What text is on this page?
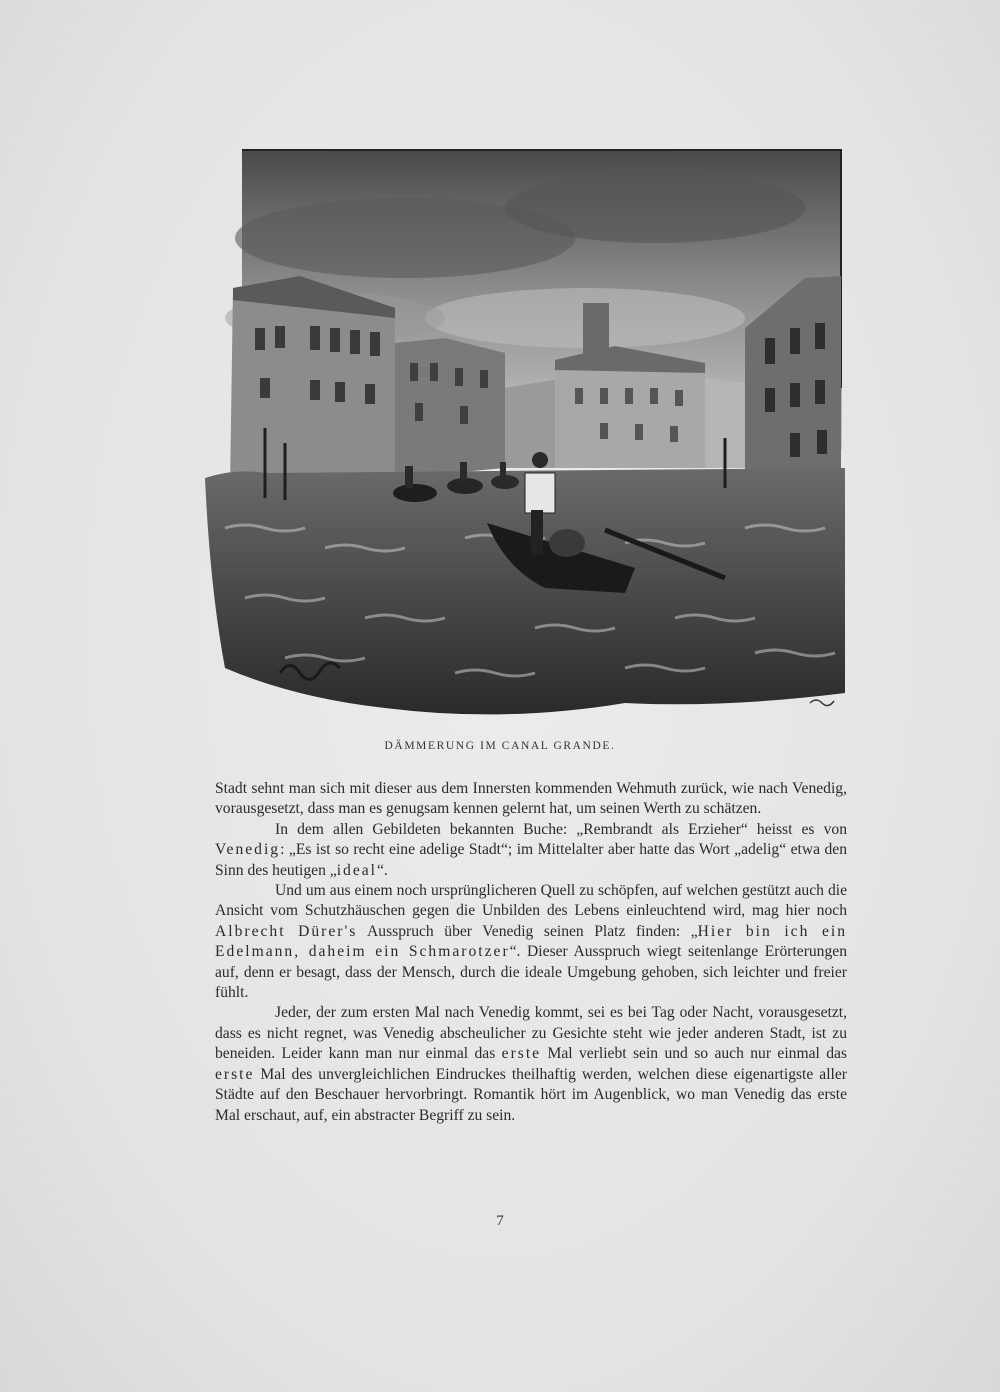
DÄMMERUNG IM CANAL GRANDE.

Stadt sehnt man sich mit dieser aus dem Innersten kommenden Wehmuth zurück, wie nach Venedig, vorausgesetzt, dass man es genugsam kennen gelernt hat, um seinen Werth zu schätzen.

In dem allen Gebildeten bekannten Buche: „Rembrandt als Erzieher“ heisst es von Venedig: „Es ist so recht eine adelige Stadt“; im Mittelalter aber hatte das Wort „adelig“ etwa den Sinn des heutigen „ideal“.

Und um aus einem noch ursprünglicheren Quell zu schöpfen, auf welchen gestützt auch die Ansicht vom Schutzhäuschen gegen die Unbilden des Lebens einleuchtend wird, mag hier noch Albrecht Dürer's Ausspruch über Venedig seinen Platz finden: „Hier bin ich ein Edelmann, daheim ein Schmarotzer“. Dieser Ausspruch wiegt seitenlange Erörterungen auf, denn er besagt, dass der Mensch, durch die ideale Umgebung gehoben, sich leichter und freier fühlt.

Jeder, der zum ersten Mal nach Venedig kommt, sei es bei Tag oder Nacht, vorausgesetzt, dass es nicht regnet, was Venedig abscheulicher zu Gesichte steht wie jeder anderen Stadt, ist zu beneiden. Leider kann man nur einmal das erste Mal verliebt sein und so auch nur einmal das erste Mal des unvergleichlichen Eindruckes theilhaftig werden, welchen diese eigenartigste aller Städte auf den Beschauer hervorbringt. Romantik hört im Augenblick, wo man Venedig das erste Mal erschaut, auf, ein abstracter Begriff zu sein.

7
